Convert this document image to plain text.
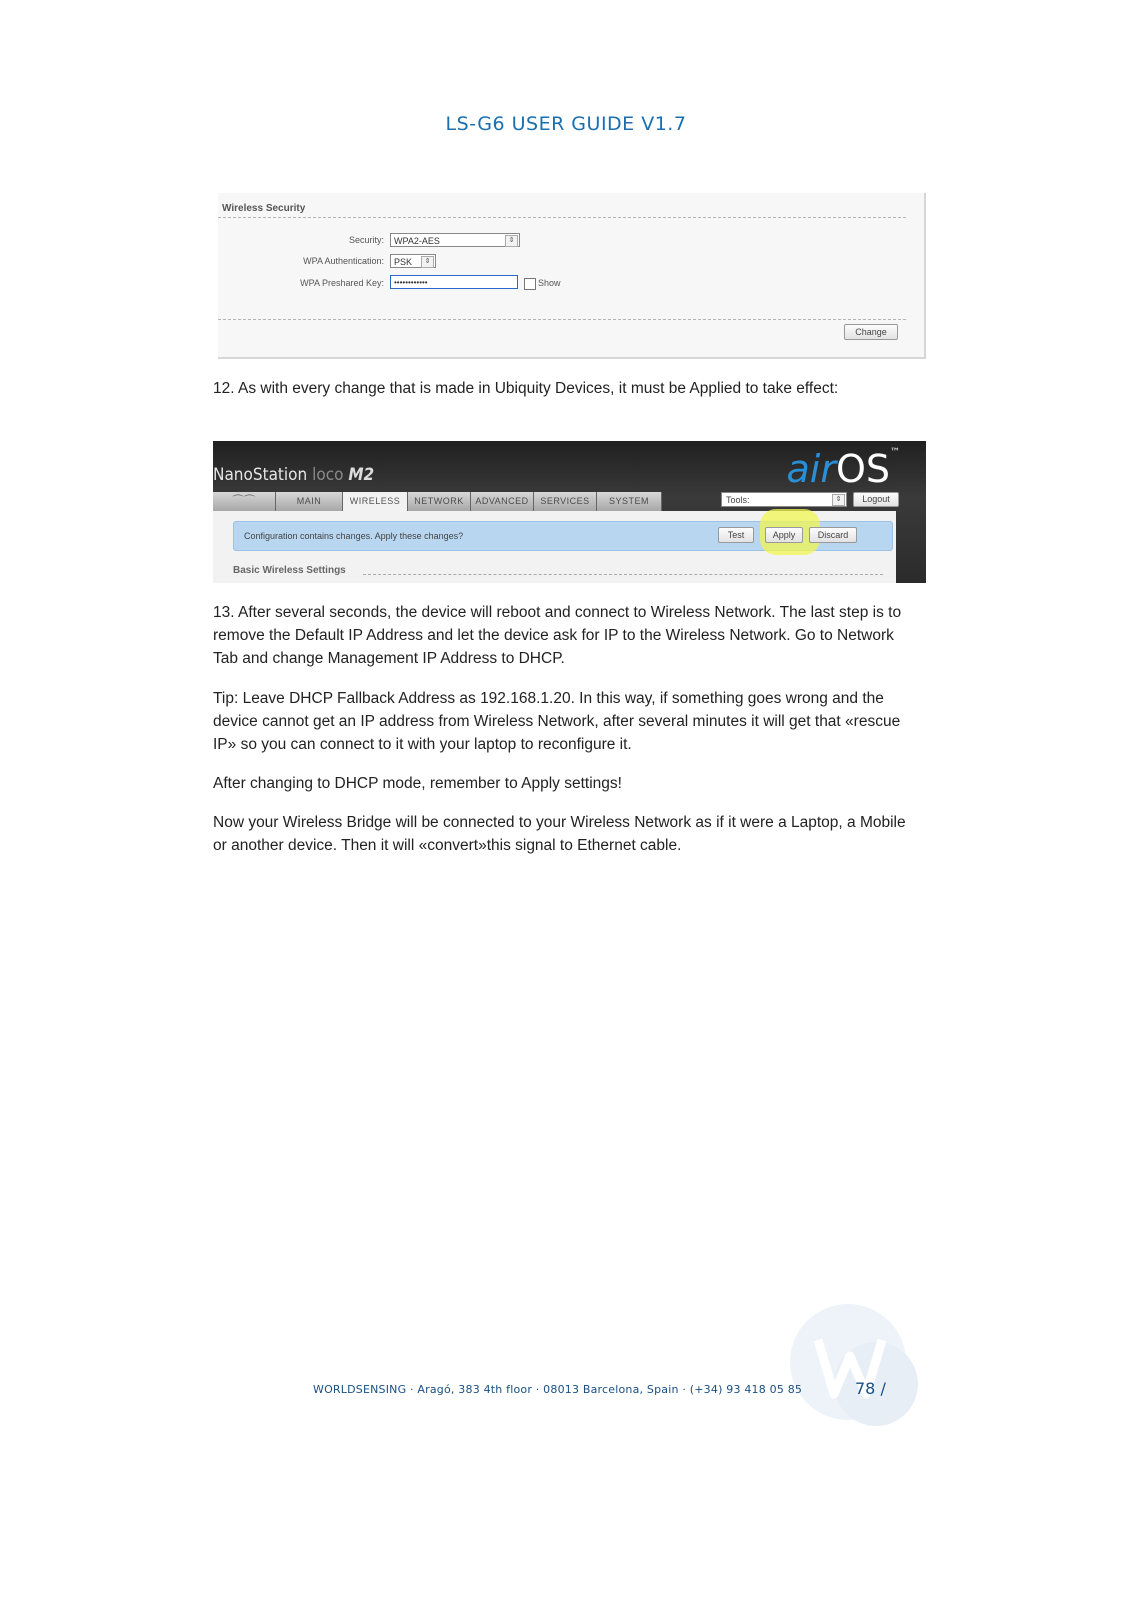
LS-G6 USER GUIDE V1.7
Wireless Security
Security:	WPA2-AES	⇕
WPA Authentication:	PSK	⇕
WPA Preshared Key:	••••••••••••	Show
Change
12. As with every change that is made in Ubiquity Devices, it must be Applied to take effect:
NanoStation loco M2	airOS™
⌒⌒	MAIN	WIRELESS	NETWORK	ADVANCED	SERVICES	SYSTEM	Tools:	⇕	Logout
Configuration contains changes. Apply these changes?	Test	Apply	Discard
Basic Wireless Settings
13. After several seconds, the device will reboot and connect to Wireless Network. The last step is to remove the Default IP Address and let the device ask for IP to the Wireless Network. Go to Network Tab and change Management IP Address to DHCP.
Tip: Leave DHCP Fallback Address as 192.168.1.20. In this way, if something goes wrong and the device cannot get an IP address from Wireless Network, after several minutes it will get that «rescue IP» so you can connect to it with your laptop to reconfigure it.
After changing to DHCP mode, remember to Apply settings!
Now your Wireless Bridge will be connected to your Wireless Network as if it were a Laptop, a Mobile or another device. Then it will «convert»this signal to Ethernet cable.
WORLDSENSING · Aragó, 383 4th floor · 08013 Barcelona, Spain · (+34) 93 418 05 85	78 /
